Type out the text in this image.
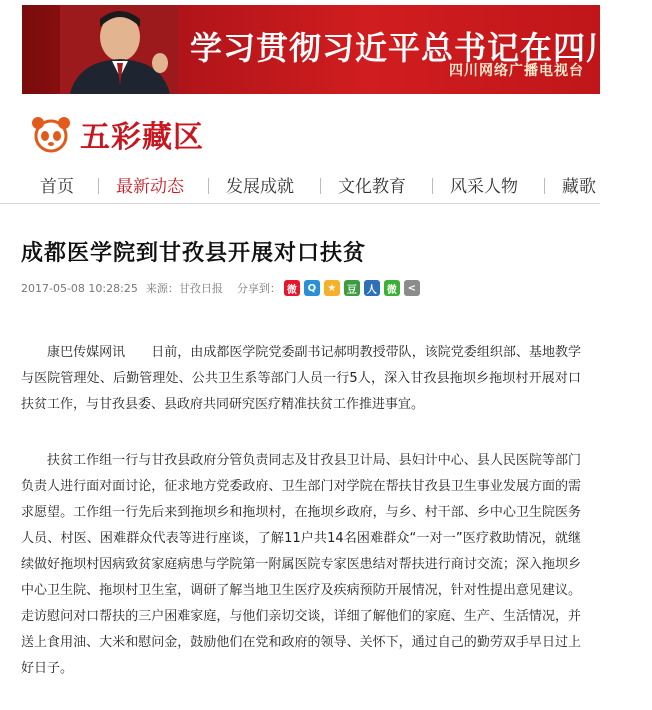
学习贯彻习近平总书记在四川代
四川网络广播电视台
五彩藏区
首页 最新动态 发展成就	文化教育	风采人物	藏歌
成都医学院到甘孜县开展对口扶贫
2017-05-08 10:28:25 来源：甘孜日报 分享到： 微	Q	★	豆	人	微	<

　　康巴传媒网讯　　日前，由成都医学院党委副书记郝明教授带队，该院党委组织部、基地教学与医院管理处、后勤管理处、公共卫生系等部门人员一行5人，深入甘孜县拖坝乡拖坝村开展对口扶贫工作，与甘孜县委、县政府共同研究医疗精准扶贫工作推进事宜。

　　扶贫工作组一行与甘孜县政府分管负责同志及甘孜县卫计局、县妇计中心、县人民医院等部门负责人进行面对面讨论，征求地方党委政府、卫生部门对学院在帮扶甘孜县卫生事业发展方面的需求愿望。工作组一行先后来到拖坝乡和拖坝村，在拖坝乡政府，与乡、村干部、乡中心卫生院医务人员、村医、困难群众代表等进行座谈，了解11户共14名困难群众“一对一”医疗救助情况，就继续做好拖坝村因病致贫家庭病患与学院第一附属医院专家医患结对帮扶进行商讨交流；深入拖坝乡中心卫生院、拖坝村卫生室，调研了解当地卫生医疗及疾病预防开展情况，针对性提出意见建议。走访慰问对口帮扶的三户困难家庭，与他们亲切交谈，详细了解他们的家庭、生产、生活情况，并送上食用油、大米和慰问金，鼓励他们在党和政府的领导、关怀下，通过自己的勤劳双手早日过上好日子。
